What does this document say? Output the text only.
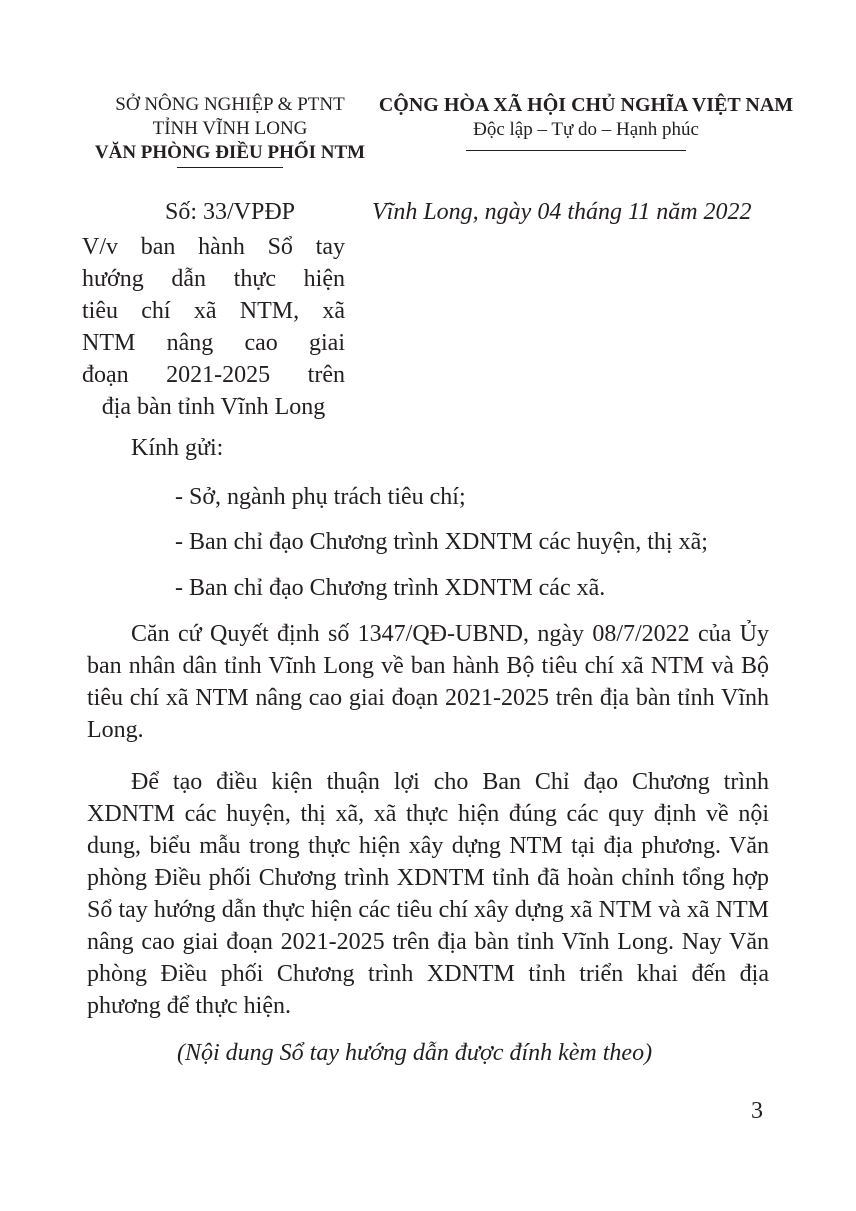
SỞ NÔNG NGHIỆP & PTNT
TỈNH VĨNH LONG
VĂN PHÒNG ĐIỀU PHỐI NTM
CỘNG HÒA XÃ HỘI CHỦ NGHĨA VIỆT NAM
Độc lập – Tự do – Hạnh phúc
Số: 33/VPĐP	Vĩnh Long, ngày 04 tháng 11 năm 2022
V/v ban hành Sổ tay
hướng dẫn thực hiện
tiêu chí xã NTM, xã
NTM nâng cao giai
đoạn 2021-2025 trên
địa bàn tỉnh Vĩnh Long
Kính gửi:
- Sở, ngành phụ trách tiêu chí;
- Ban chỉ đạo Chương trình XDNTM các huyện, thị xã;
- Ban chỉ đạo Chương trình XDNTM các xã.
Căn cứ Quyết định số 1347/QĐ-UBND, ngày 08/7/2022 của Ủy ban nhân dân tỉnh Vĩnh Long về ban hành Bộ tiêu chí xã NTM và Bộ tiêu chí xã NTM nâng cao giai đoạn 2021-2025 trên địa bàn tỉnh Vĩnh Long.
Để tạo điều kiện thuận lợi cho Ban Chỉ đạo Chương trình XDNTM các huyện, thị xã, xã thực hiện đúng các quy định về nội dung, biểu mẫu trong thực hiện xây dựng NTM tại địa phương. Văn phòng Điều phối Chương trình XDNTM tỉnh đã hoàn chỉnh tổng hợp Sổ tay hướng dẫn thực hiện các tiêu chí xây dựng xã NTM và xã NTM nâng cao giai đoạn 2021-2025 trên địa bàn tỉnh Vĩnh Long. Nay Văn phòng Điều phối Chương trình XDNTM tỉnh triển khai đến địa phương để thực hiện.
(Nội dung Sổ tay hướng dẫn được đính kèm theo)
3
